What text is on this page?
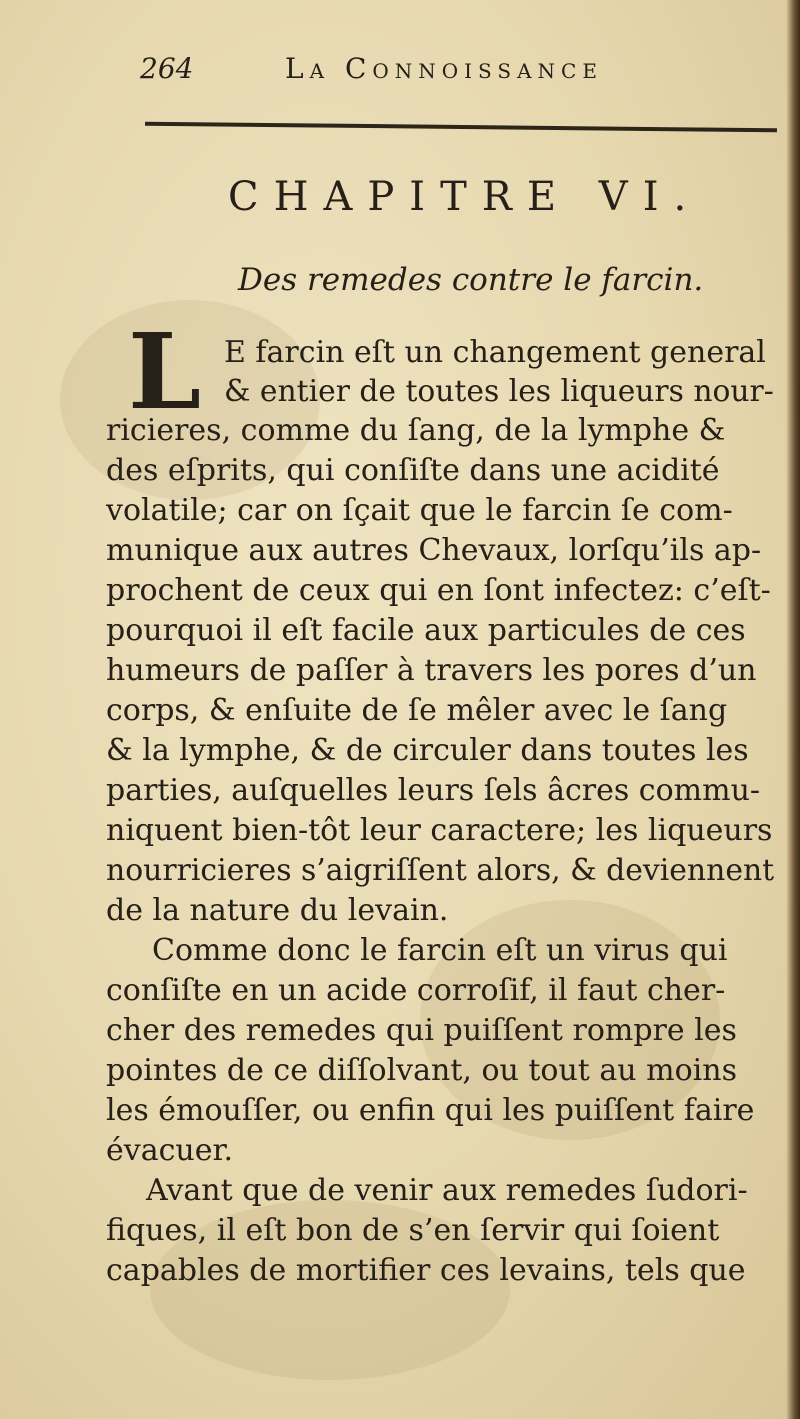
264	La Connoissance
CHAPITRE VI.
Des remedes contre le farcin.
L E farcin eſt un changement general
& entier de toutes les liqueurs nour-
ricieres, comme du ſang, de la lymphe &
des eſprits, qui conſiſte dans une acidité
volatile; car on ſçait que le farcin ſe com-
munique aux autres Chevaux, lorſqu’ils ap-
prochent de ceux qui en ſont infectez: c’eſt-
pourquoi il eſt facile aux particules de ces
humeurs de paſſer à travers les pores d’un
corps, & enſuite de ſe mêler avec le ſang
& la lymphe, & de circuler dans toutes les
parties, auſquelles leurs ſels âcres commu-
niquent bien-tôt leur caractere; les liqueurs
nourricieres s’aigriſſent alors, & deviennent
de la nature du levain.
Comme donc le farcin eſt un virus qui
conſiſte en un acide corroſif, il faut cher-
cher des remedes qui puiſſent rompre les
pointes de ce diſſolvant, ou tout au moins
les émouſſer, ou enfin qui les puiſſent faire
évacuer.
Avant que de venir aux remedes ſudori-
fiques, il eſt bon de s’en ſervir qui ſoient
capables de mortifier ces levains, tels que
